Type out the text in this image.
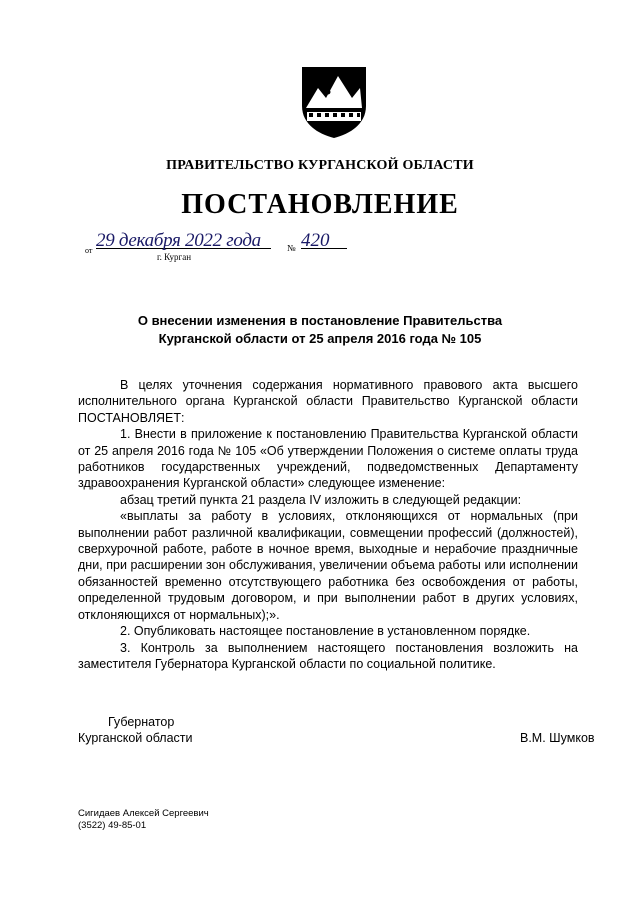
ПРАВИТЕЛЬСТВО КУРГАНСКОЙ ОБЛАСТИ
ПОСТАНОВЛЕНИЕ
от 29 декабря 2022 года	№ 420
г. Курган
О внесении изменения в постановление Правительства
Курганской области от 25 апреля 2016 года № 105

В целях уточнения содержания нормативного правового акта высшего исполнительного органа Курганской области Правительство Курганской области ПОСТАНОВЛЯЕТ:

1. Внести в приложение к постановлению Правительства Курганской области от 25 апреля 2016 года № 105 «Об утверждении Положения о системе оплаты труда работников государственных учреждений, подведомственных Департаменту здравоохранения Курганской области» следующее изменение:

абзац третий пункта 21 раздела IV изложить в следующей редакции:

«выплаты за работу в условиях, отклоняющихся от нормальных (при выполнении работ различной квалификации, совмещении профессий (должностей), сверхурочной работе, работе в ночное время, выходные и нерабочие праздничные дни, при расширении зон обслуживания, увеличении объема работы или исполнении обязанностей временно отсутствующего работника без освобождения от работы, определенной трудовым договором, и при выполнении работ в других условиях, отклоняющихся от нормальных);».

2. Опубликовать настоящее постановление в установленном порядке.

3. Контроль за выполнением настоящего постановления возложить на заместителя Губернатора Курганской области по социальной политике.

Губернатор
Курганской области	В.М. Шумков
Сигидаев Алексей Сергеевич
(3522) 49-85-01
